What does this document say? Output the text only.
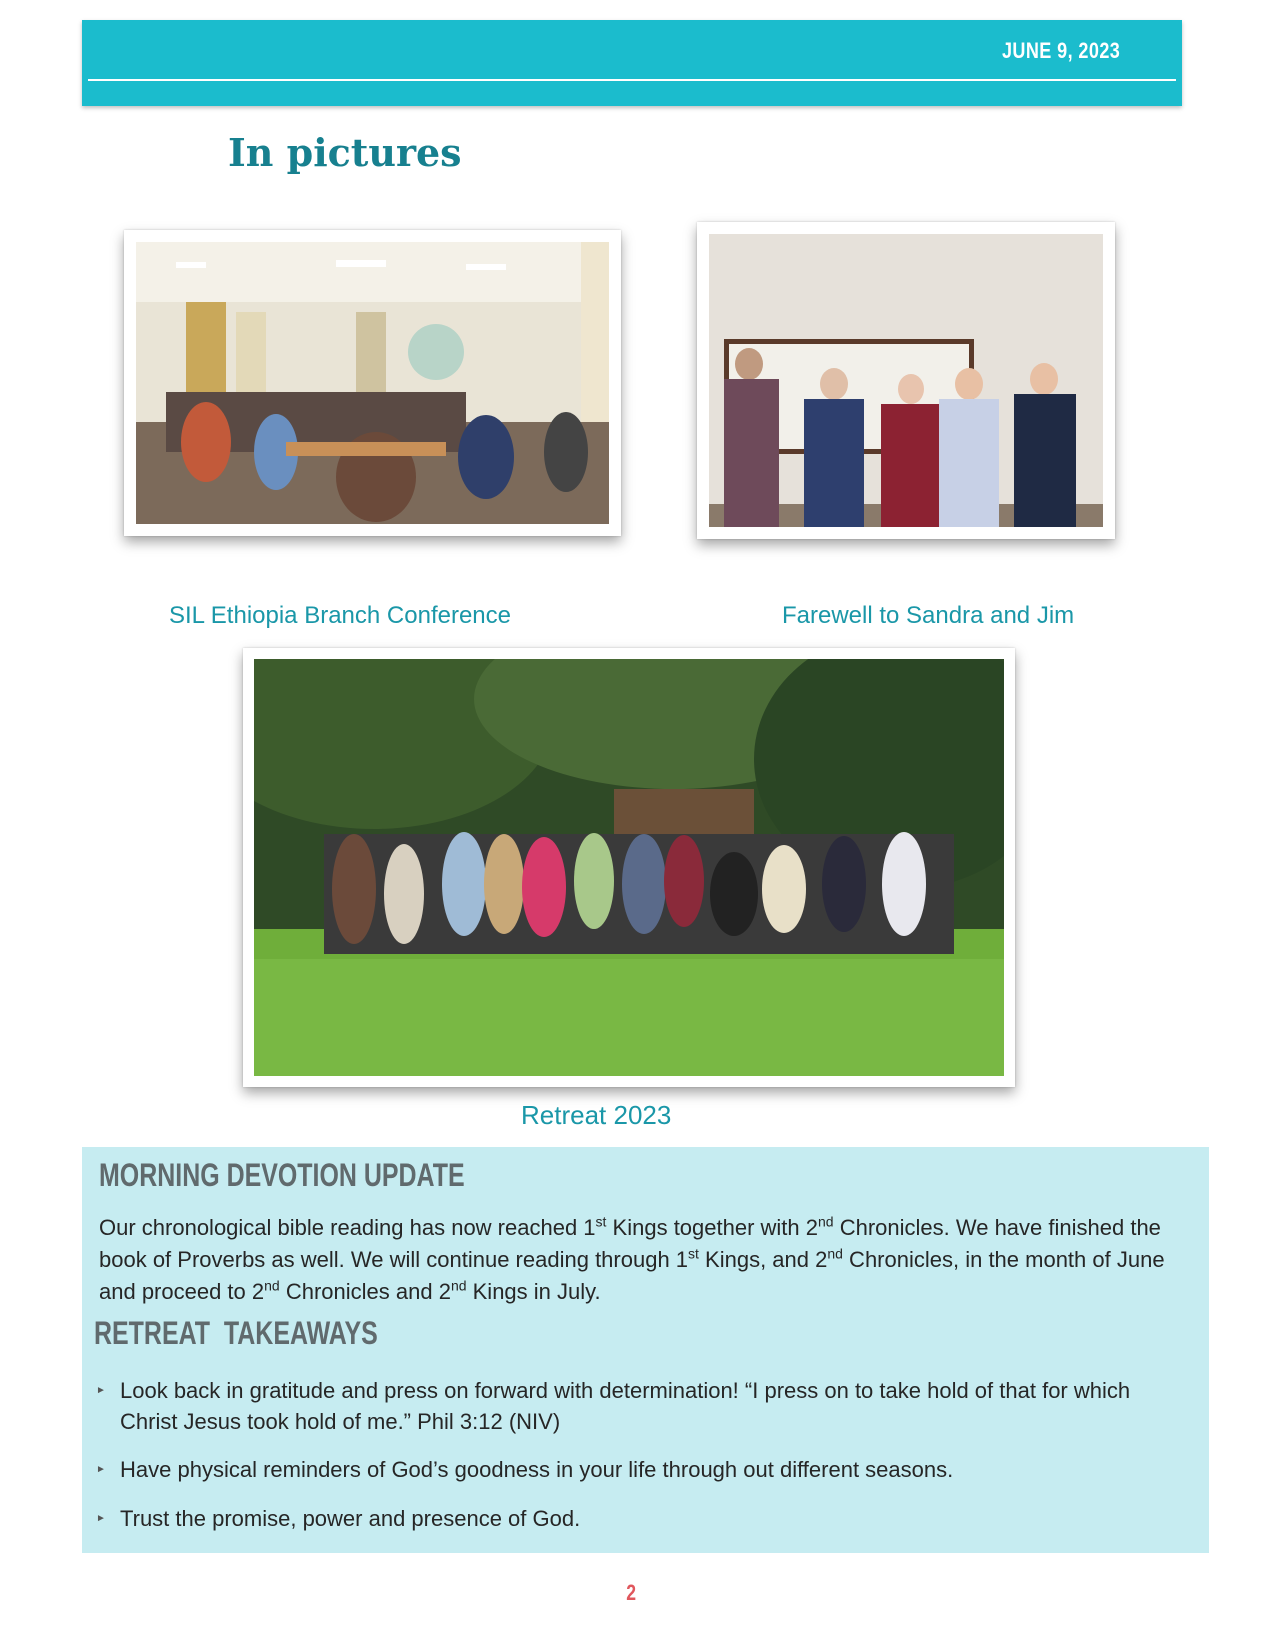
JUNE 9, 2023
In pictures
SIL Ethiopia Branch Conference	Farewell to Sandra and Jim
Retreat 2023
MORNING DEVOTION UPDATE
Our chronological bible reading has now reached 1st Kings together with 2nd Chronicles. We have finished the book of Proverbs as well. We will continue reading through 1st Kings, and 2nd Chronicles, in the month of June and proceed to 2nd Chronicles and 2nd Kings in July.
RETREAT  TAKEAWAYS
► Look back in gratitude and press on forward with determination! “I press on to take hold of that for which Christ Jesus took hold of me.” Phil 3:12 (NIV)
► Have physical reminders of God’s goodness in your life through out different seasons.
► Trust the promise, power and presence of God.
2
